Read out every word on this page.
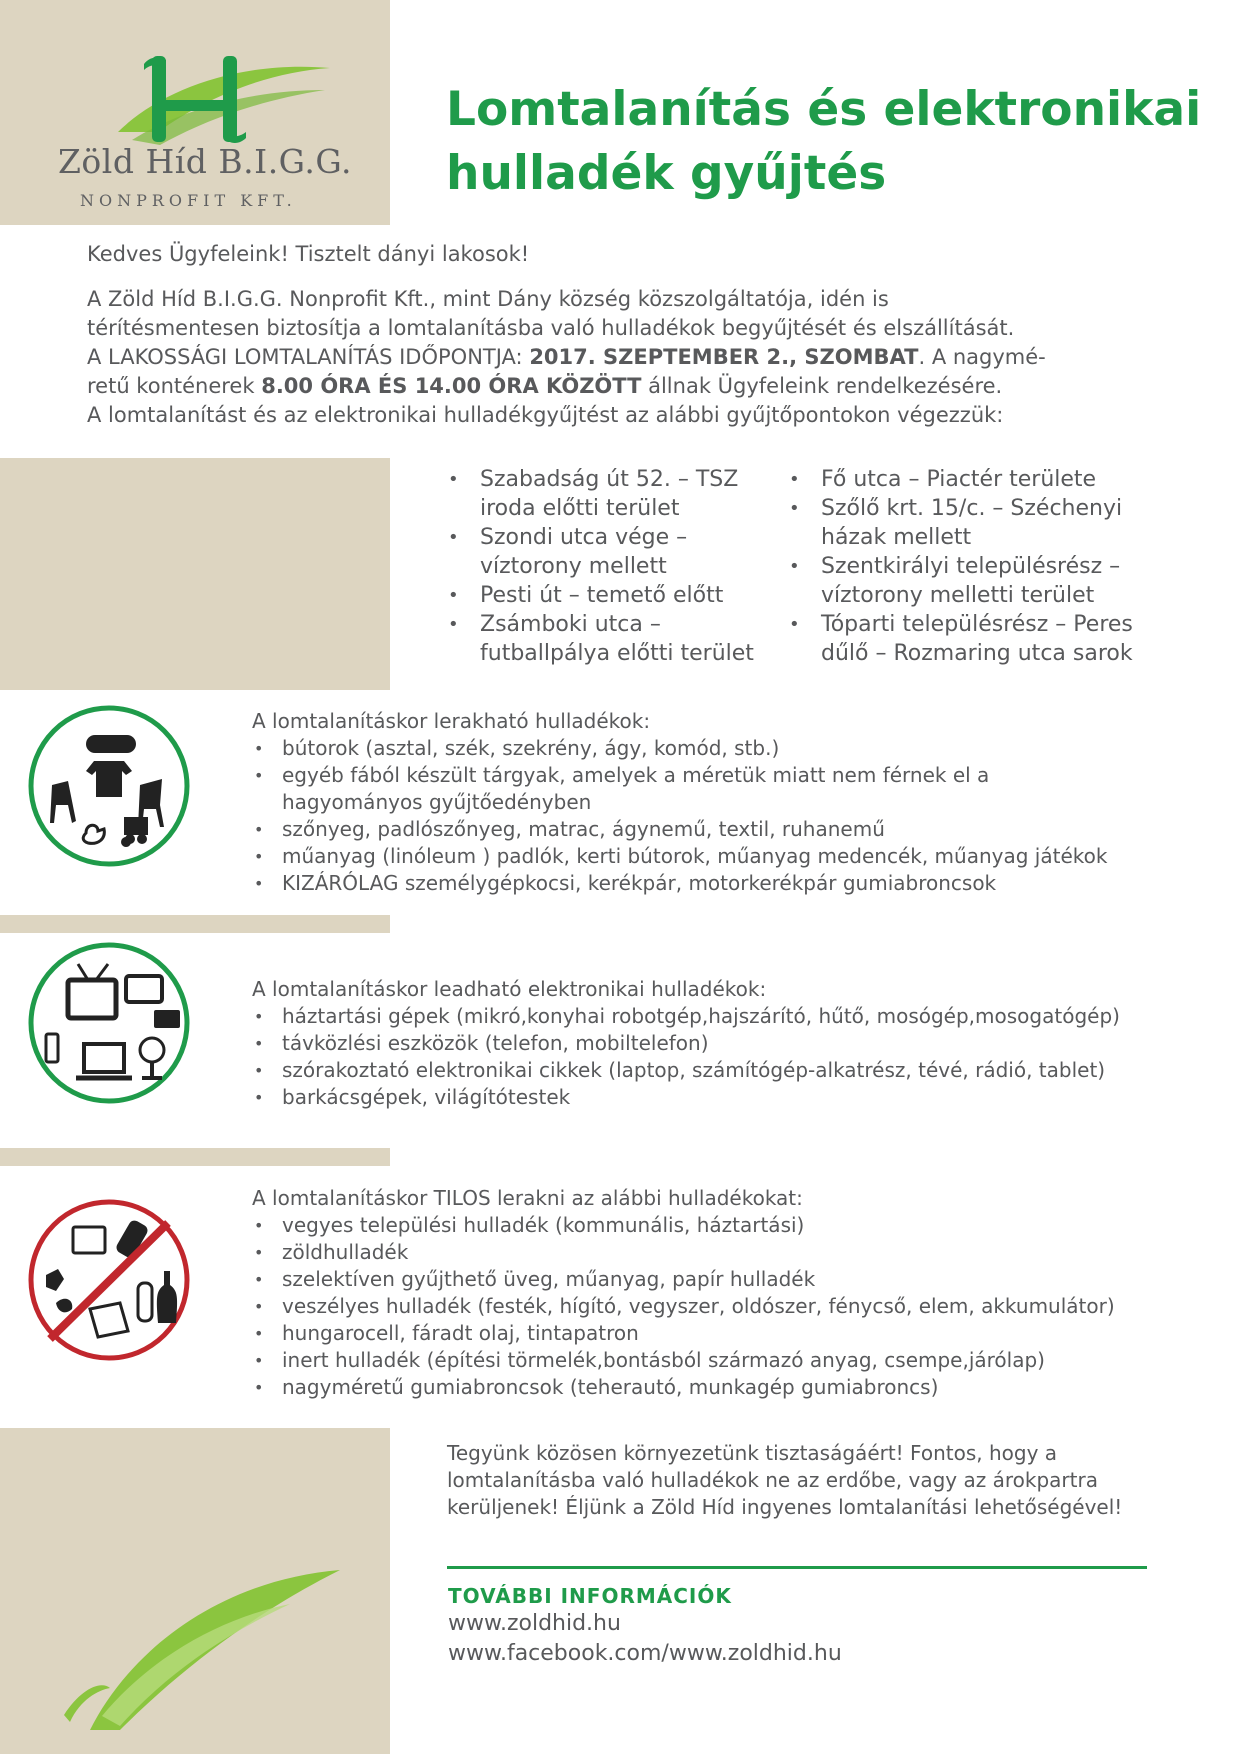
Zöld Híd B.I.G.G.
NONPROFIT KFT.
Lomtalanítás és elektronikai hulladék gyűjtés

Kedves Ügyfeleink! Tisztelt dányi lakosok!

A Zöld Híd B.I.G.G. Nonprofit Kft., mint Dány község közszolgáltatója, idén is
térítésmentesen biztosítja a lomtalanításba való hulladékok begyűjtését és elszállítását.
A LAKOSSÁGI LOMTALANÍTÁS IDŐPONTJA: 2017. SZEPTEMBER 2., SZOMBAT. A nagymé-
retű konténerek 8.00 ÓRA ÉS 14.00 ÓRA KÖZÖTT állnak Ügyfeleink rendelkezésére.
A lomtalanítást és az elektronikai hulladékgyűjtést az alábbi gyűjtőpontokon végezzük:
• Szabadság út 52. – TSZ iroda előtti terület
• Szondi utca vége – víztorony mellett
• Pesti út – temető előtt
• Zsámboki utca – futballpálya előtti terület
• Fő utca – Piactér területe
• Szőlő krt. 15/c. – Széchenyi házak mellett
• Szentkirályi településrész – víztorony melletti terület
• Tóparti településrész – Peres dűlő – Rozmaring utca sarok

A lomtalanításkor lerakható hulladékok:

• bútorok (asztal, szék, szekrény, ágy, komód, stb.)
• egyéb fából készült tárgyak, amelyek a méretük miatt nem férnek el a hagyományos gyűjtőedényben
• szőnyeg, padlószőnyeg, matrac, ágynemű, textil, ruhanemű
• műanyag (linóleum ) padlók, kerti bútorok, műanyag medencék, műanyag játékok
• KIZÁRÓLAG személygépkocsi, kerékpár, motorkerékpár gumiabroncsok

A lomtalanításkor leadható elektronikai hulladékok:

• háztartási gépek (mikró,konyhai robotgép,hajszárító, hűtő, mosógép,mosogatógép)
• távközlési eszközök (telefon, mobiltelefon)
• szórakoztató elektronikai cikkek (laptop, számítógép-alkatrész, tévé, rádió, tablet)
• barkácsgépek, világítótestek

A lomtalanításkor TILOS lerakni az alábbi hulladékokat:

• vegyes települési hulladék (kommunális, háztartási)
• zöldhulladék
• szelektíven gyűjthető üveg, műanyag, papír hulladék
• veszélyes hulladék (festék, hígító, vegyszer, oldószer, fénycső, elem, akkumulátor)
• hungarocell, fáradt olaj, tintapatron
• inert hulladék (építési törmelék,bontásból származó anyag, csempe,járólap)
• nagyméretű gumiabroncsok (teherautó, munkagép gumiabroncs)

Tegyünk közösen környezetünk tisztaságáért! Fontos, hogy a lomtalanításba való hulladékok ne az erdőbe, vagy az árokpartra kerüljenek! Éljünk a Zöld Híd ingyenes lomtalanítási lehetőségével!

TOVÁBBI INFORMÁCIÓK
www.zoldhid.hu
www.facebook.com/www.zoldhid.hu
